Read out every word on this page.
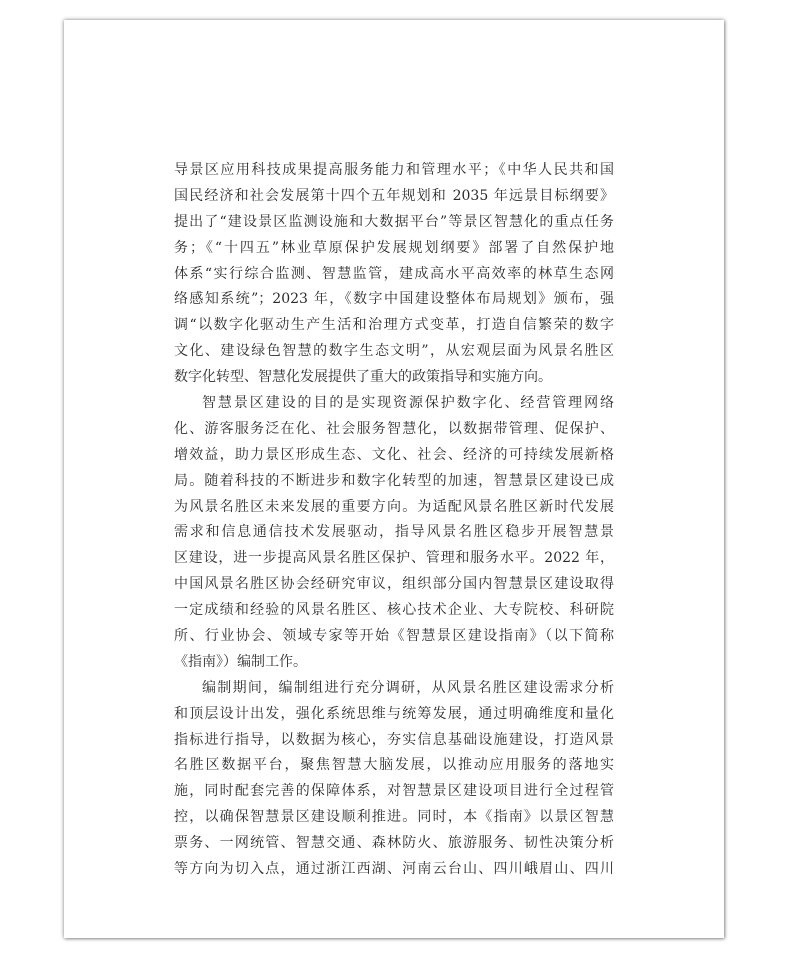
导景区应用科技成果提高服务能力和管理水平；《中华人民共和国
国民经济和社会发展第十四个五年规划和 2035 年远景目标纲要》
提出了“建设景区监测设施和大数据平台”等景区智慧化的重点任务
务；《“十四五”林业草原保护发展规划纲要》部署了自然保护地
体系“实行综合监测、智慧监管，建成高水平高效率的林草生态网
络感知系统”；2023 年，《数字中国建设整体布局规划》颁布，强
调“以数字化驱动生产生活和治理方式变革，打造自信繁荣的数字
文化、建设绿色智慧的数字生态文明”，从宏观层面为风景名胜区
数字化转型、智慧化发展提供了重大的政策指导和实施方向。
智慧景区建设的目的是实现资源保护数字化、经营管理网络
化、游客服务泛在化、社会服务智慧化，以数据带管理、促保护、
增效益，助力景区形成生态、文化、社会、经济的可持续发展新格
局。随着科技的不断进步和数字化转型的加速，智慧景区建设已成
为风景名胜区未来发展的重要方向。为适配风景名胜区新时代发展
需求和信息通信技术发展驱动，指导风景名胜区稳步开展智慧景
区建设，进一步提高风景名胜区保护、管理和服务水平。2022 年，
中国风景名胜区协会经研究审议，组织部分国内智慧景区建设取得
一定成绩和经验的风景名胜区、核心技术企业、大专院校、科研院
所、行业协会、领域专家等开始《智慧景区建设指南》（以下简称
《指南》）编制工作。
编制期间，编制组进行充分调研，从风景名胜区建设需求分析
和顶层设计出发，强化系统思维与统筹发展，通过明确维度和量化
指标进行指导，以数据为核心，夯实信息基础设施建设，打造风景
名胜区数据平台，聚焦智慧大脑发展，以推动应用服务的落地实
施，同时配套完善的保障体系，对智慧景区建设项目进行全过程管
控，以确保智慧景区建设顺利推进。同时，本《指南》以景区智慧
票务、一网统管、智慧交通、森林防火、旅游服务、韧性决策分析
等方向为切入点，通过浙江西湖、河南云台山、四川峨眉山、四川
